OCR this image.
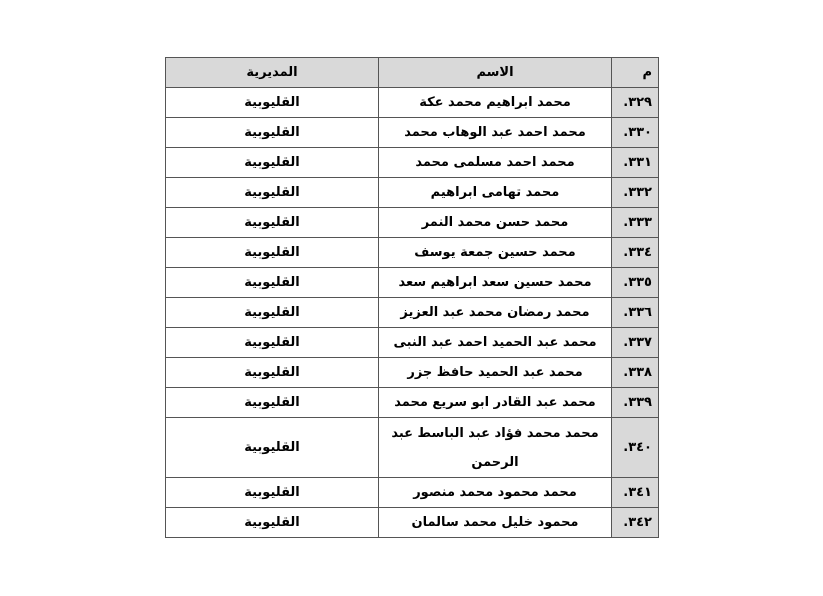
م	الاسم	المديرية
٣٢٩.	محمد ابراهيم محمد عكة	القليوبية
٣٣٠.	محمد احمد عبد الوهاب محمد	القليوبية
٣٣١.	محمد احمد مسلمى محمد	القليوبية
٣٣٢.	محمد تهامى ابراهيم	القليوبية
٣٣٣.	محمد حسن محمد النمر	القليوبية
٣٣٤.	محمد حسين جمعة يوسف	القليوبية
٣٣٥.	محمد حسين سعد ابراهيم سعد	القليوبية
٣٣٦.	محمد رمضان محمد عبد العزيز	القليوبية
٣٣٧.	محمد عبد الحميد احمد عبد النبى	القليوبية
٣٣٨.	محمد عبد الحميد حافظ جزر	القليوبية
٣٣٩.	محمد عبد القادر ابو سريع محمد	القليوبية
٣٤٠.	محمد محمد فؤاد عبد الباسط عبد الرحمن	القليوبية
٣٤١.	محمد محمود محمد منصور	القليوبية
٣٤٢.	محمود خليل محمد سالمان	القليوبية
